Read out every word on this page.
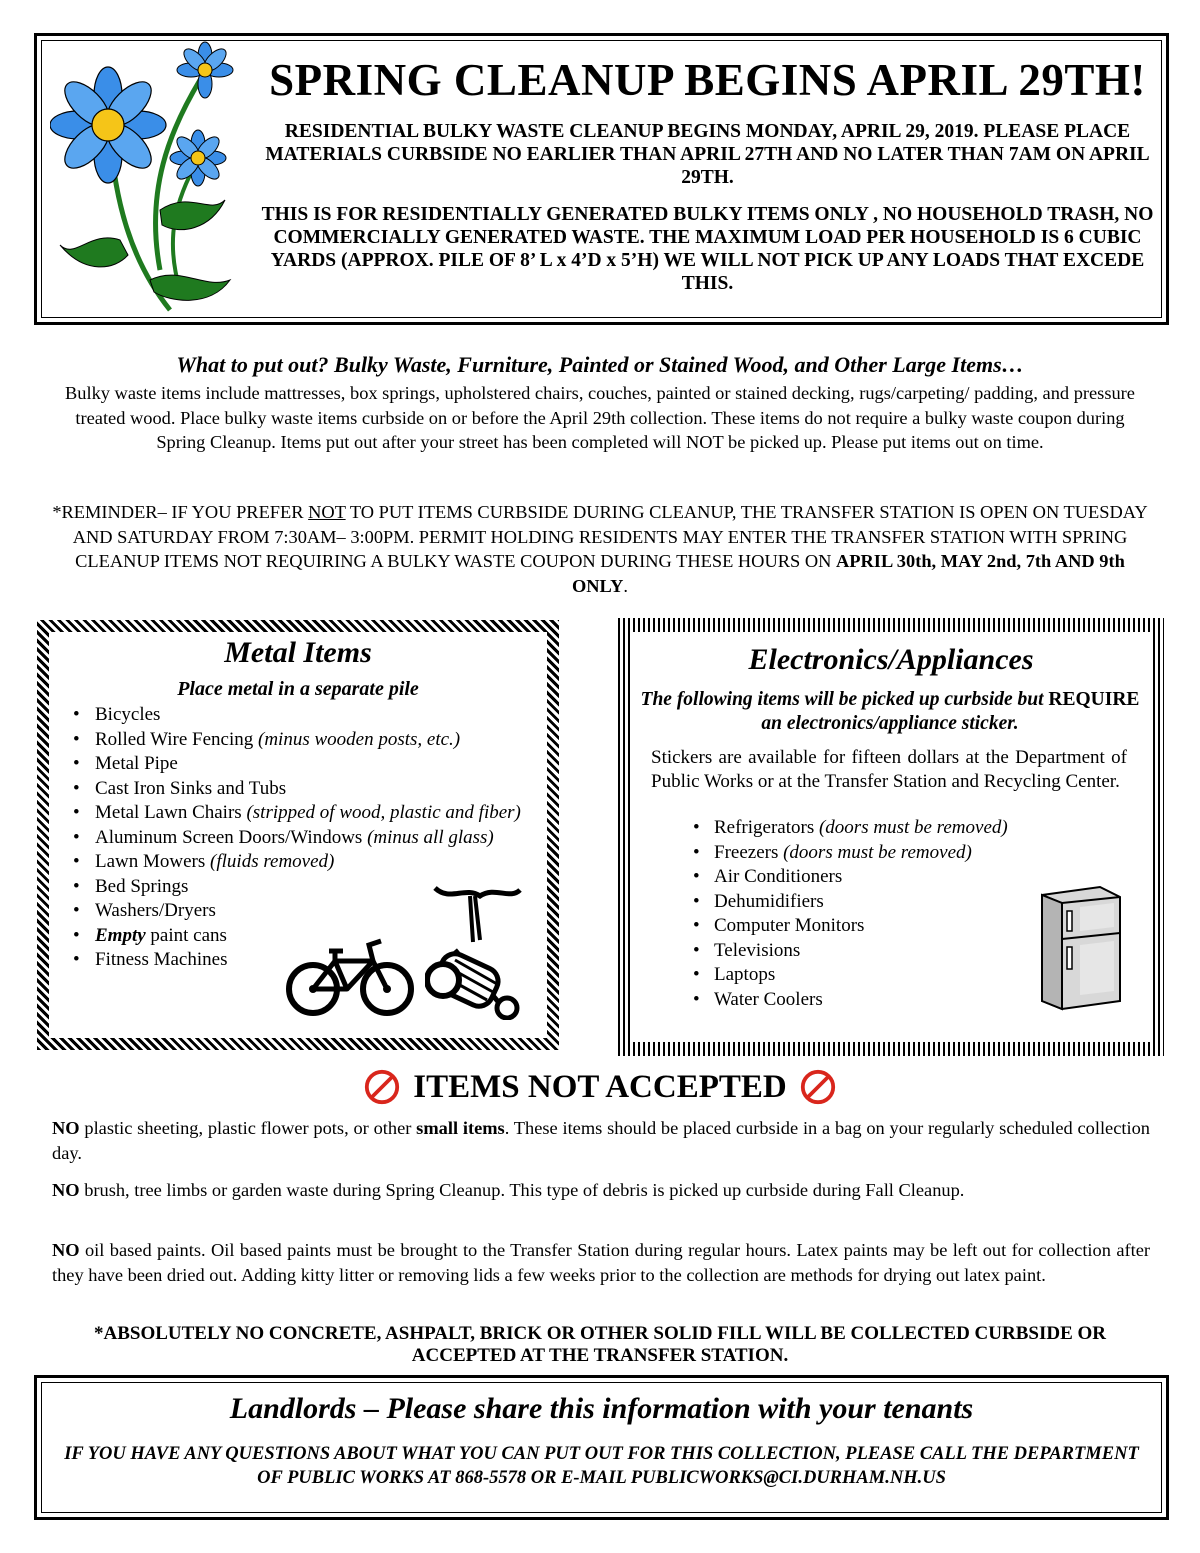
SPRING CLEANUP BEGINS APRIL 29TH!

RESIDENTIAL BULKY WASTE CLEANUP BEGINS MONDAY, APRIL 29, 2019. PLEASE PLACE MATERIALS CURBSIDE NO EARLIER THAN APRIL 27TH AND NO LATER THAN 7AM ON APRIL 29TH.

THIS IS FOR RESIDENTIALLY GENERATED BULKY ITEMS ONLY , NO HOUSEHOLD TRASH, NO COMMERCIALLY GENERATED WASTE. THE MAXIMUM LOAD PER HOUSEHOLD IS 6 CUBIC YARDS (APPROX. PILE OF 8’ L x 4’D x 5’H) WE WILL NOT PICK UP ANY LOADS THAT EXCEDE THIS.

What to put out? Bulky Waste, Furniture, Painted or Stained Wood, and Other Large Items…

Bulky waste items include mattresses, box springs, upholstered chairs, couches, painted or stained decking, rugs/carpeting/ padding, and pressure treated wood. Place bulky waste items curbside on or before the April 29th collection. These items do not require a bulky waste coupon during Spring Cleanup. Items put out after your street has been completed will NOT be picked up. Please put items out on time.

*REMINDER– IF YOU PREFER NOT TO PUT ITEMS CURBSIDE DURING CLEANUP, THE TRANSFER STATION IS OPEN ON TUESDAY AND SATURDAY FROM 7:30AM– 3:00PM. PERMIT HOLDING RESIDENTS MAY ENTER THE TRANSFER STATION WITH SPRING CLEANUP ITEMS NOT REQUIRING A BULKY WASTE COUPON DURING THESE HOURS ON APRIL 30th, MAY 2nd, 7th AND 9th ONLY.

Metal Items

Place metal in a separate pile

• Bicycles
• Rolled Wire Fencing (minus wooden posts, etc.)
• Metal Pipe
• Cast Iron Sinks and Tubs
• Metal Lawn Chairs (stripped of wood, plastic and fiber)
• Aluminum Screen Doors/Windows (minus all glass)
• Lawn Mowers (fluids removed)
• Bed Springs
• Washers/Dryers
• Empty paint cans
• Fitness Machines
Electronics/Appliances

The following items will be picked up curbside but REQUIRE an electronics/appliance sticker.

Stickers are available for fifteen dollars at the Department of Public Works or at the Transfer Station and Recycling Center.

• Refrigerators (doors must be removed)
• Freezers (doors must be removed)
• Air Conditioners
• Dehumidifiers
• Computer Monitors
• Televisions
• Laptops
• Water Coolers
ITEMS NOT ACCEPTED

NO plastic sheeting, plastic flower pots, or other small items. These items should be placed curbside in a bag on your regularly scheduled collection day.

NO brush, tree limbs or garden waste during Spring Cleanup. This type of debris is picked up curbside during Fall Cleanup.

NO oil based paints. Oil based paints must be brought to the Transfer Station during regular hours. Latex paints may be left out for collection after they have been dried out. Adding kitty litter or removing lids a few weeks prior to the collection are methods for drying out latex paint.

*ABSOLUTELY NO CONCRETE, ASHPALT, BRICK OR OTHER SOLID FILL WILL BE COLLECTED CURBSIDE OR ACCEPTED AT THE TRANSFER STATION.

Landlords – Please share this information with your tenants

IF YOU HAVE ANY QUESTIONS ABOUT WHAT YOU CAN PUT OUT FOR THIS COLLECTION, PLEASE CALL THE DEPARTMENT OF PUBLIC WORKS AT 868-5578 OR E-MAIL PUBLICWORKS@CI.DURHAM.NH.US
